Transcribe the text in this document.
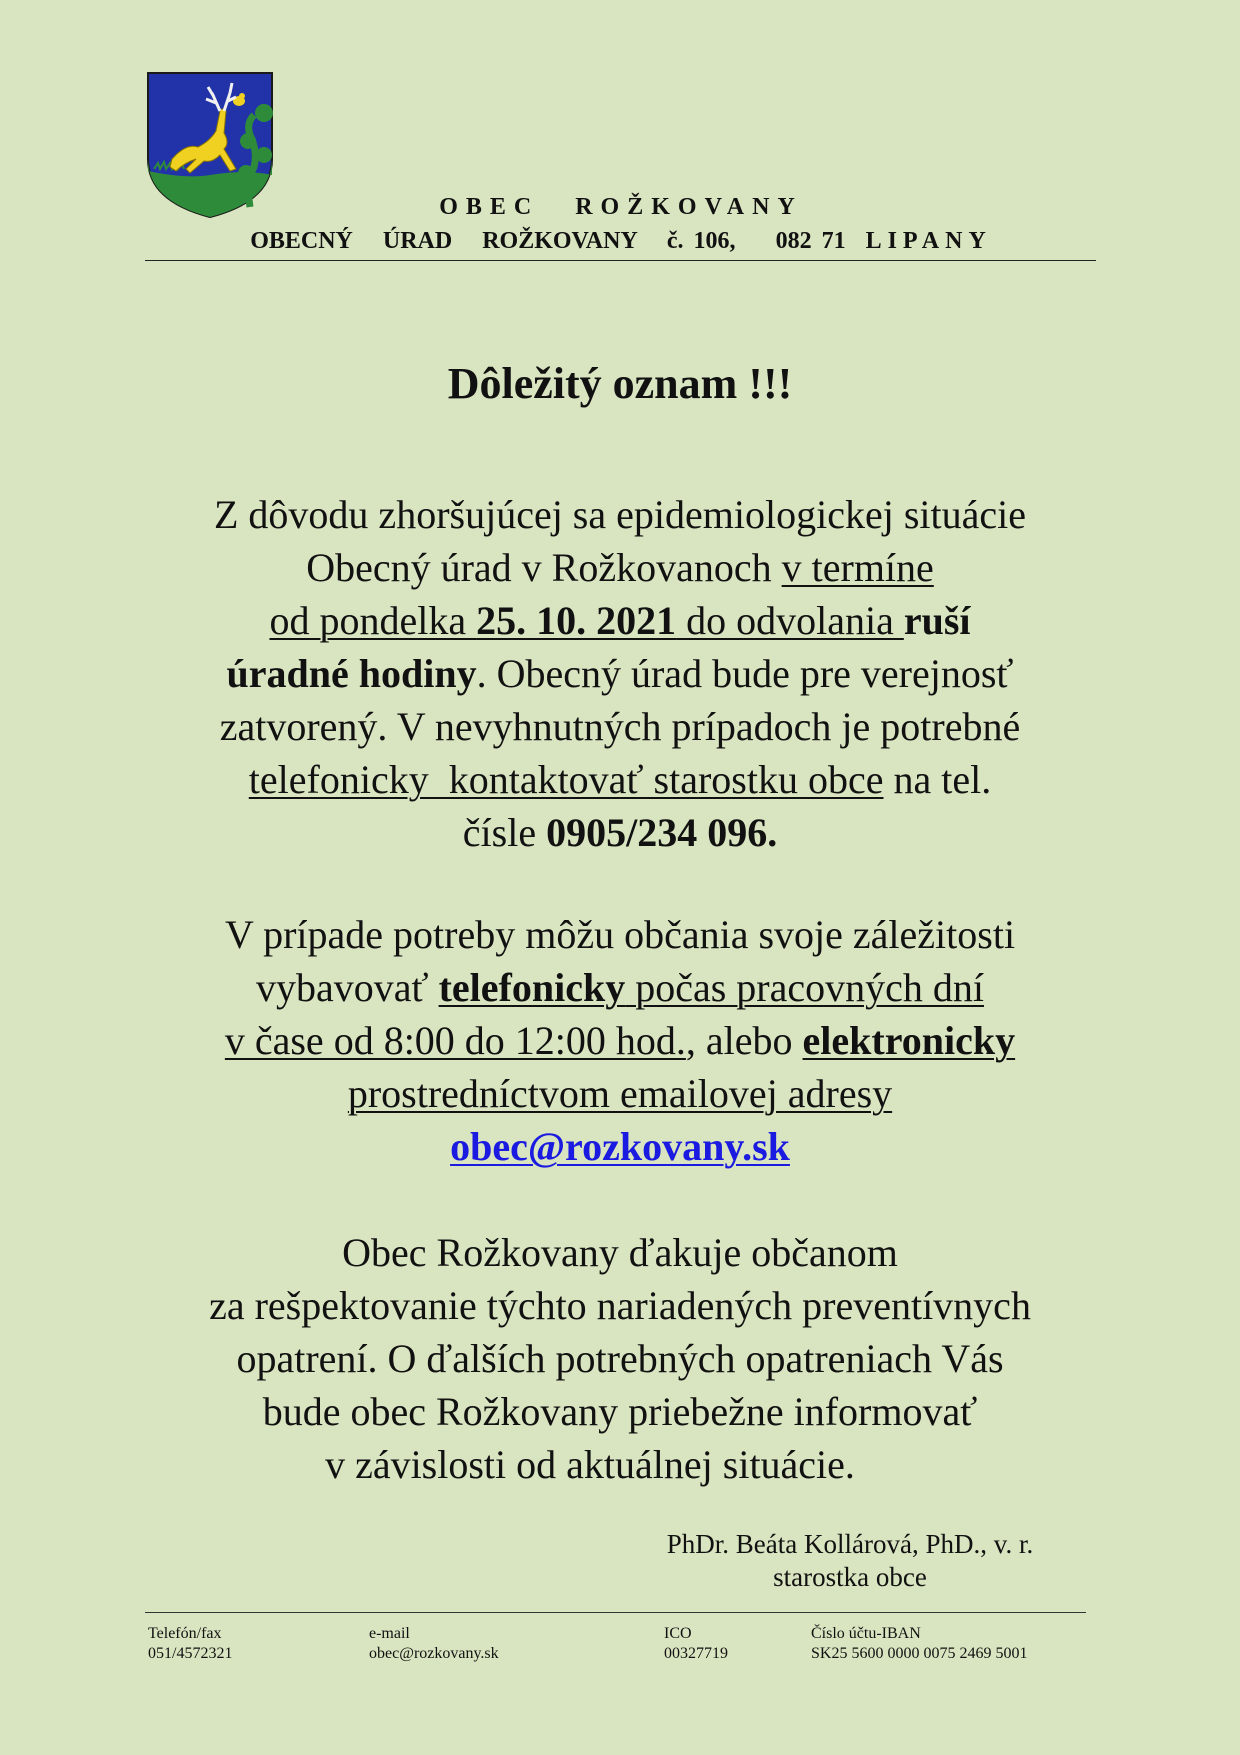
OBEC ROŽKOVANY
OBECNÝ   ÚRAD   ROŽKOVANY   č. 106, 082 71 LIPANY
Dôležitý oznam !!!
Z dôvodu zhoršujúcej sa epidemiologickej situácie
Obecný úrad v Rožkovanoch v termíne
od pondelka 25. 10. 2021 do odvolania ruší
úradné hodiny. Obecný úrad bude pre verejnosť
zatvorený. V nevyhnutných prípadoch je potrebné
telefonicky  kontaktovať starostku obce na tel.
čísle 0905/234 096.
V prípade potreby môžu občania svoje záležitosti
vybavovať telefonicky počas pracovných dní
v čase od 8:00 do 12:00 hod., alebo elektronicky
prostredníctvom emailovej adresy
obec@rozkovany.sk
Obec Rožkovany ďakuje občanom
za rešpektovanie týchto nariadených preventívnych
opatrení. O ďalších potrebných opatreniach Vás
bude obec Rožkovany priebežne informovať
v závislosti od aktuálnej situácie.
PhDr. Beáta Kollárová, PhD., v. r.
starostka obce
Telefón/fax
051/4572321
e-mail
obec@rozkovany.sk
ICO
00327719
Číslo účtu-IBAN
SK25 5600 0000 0075 2469 5001
